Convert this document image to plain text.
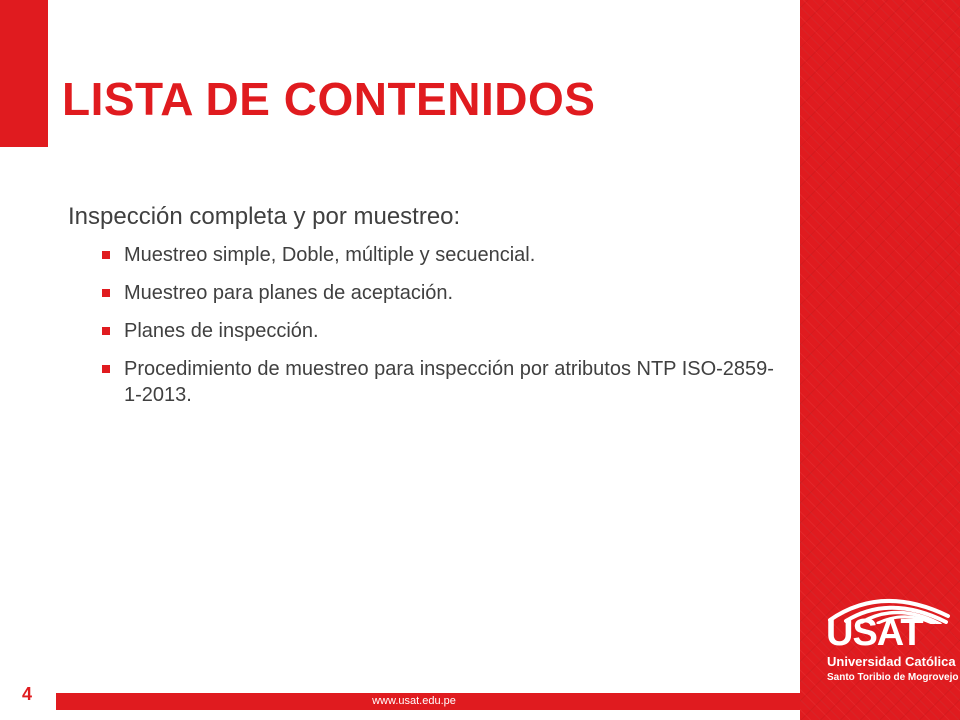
LISTA DE CONTENIDOS

Inspección completa y por muestreo:

Muestreo simple, Doble, múltiple y secuencial.
Muestreo para planes de aceptación.
Planes de inspección.
Procedimiento de muestreo para inspección por atributos NTP ISO-2859-1-2013.
www.usat.edu.pe
4
USAT
Universidad Católica
Santo Toribio de Mogrovejo
